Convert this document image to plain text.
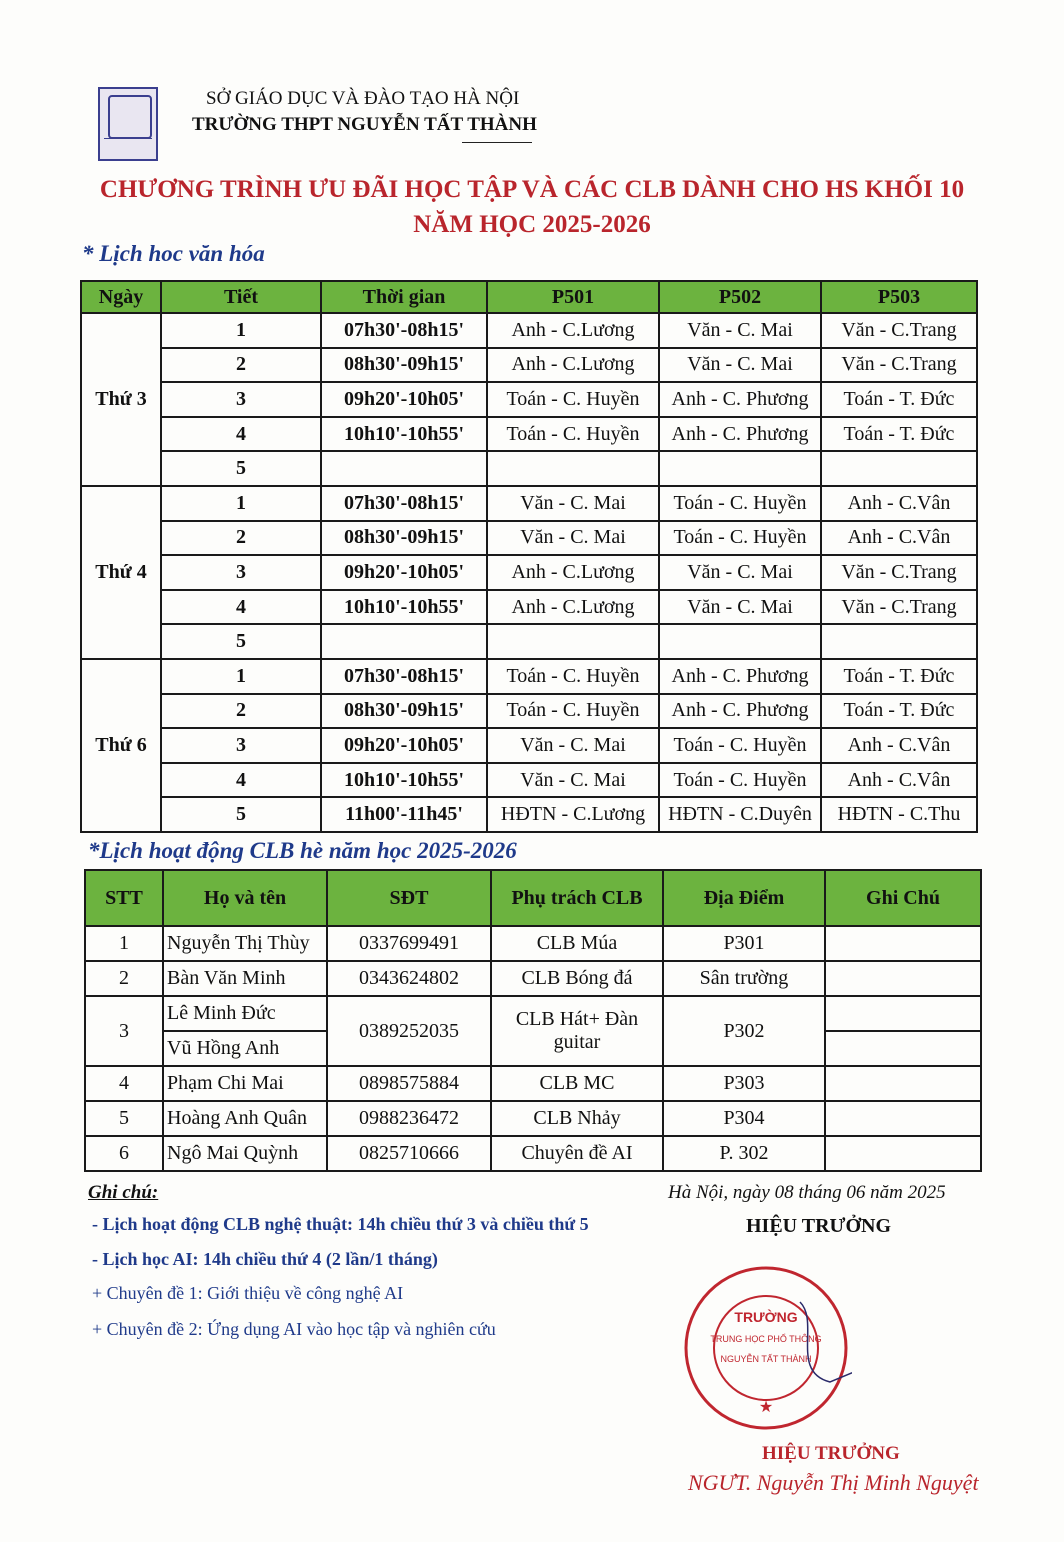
SỞ GIÁO DỤC VÀ ĐÀO TẠO HÀ NỘI
TRƯỜNG THPT NGUYỄN TẤT THÀNH
CHƯƠNG TRÌNH ƯU ĐÃI HỌC TẬP VÀ CÁC CLB DÀNH CHO HS KHỐI 10
NĂM HỌC 2025-2026
* Lịch hoc văn hóa
Ngày	Tiết	Thời gian	P501	P502	P503
Thứ 3	1	07h30'-08h15'	Anh - C.Lương	Văn - C. Mai	Văn - C.Trang
	2	08h30'-09h15'	Anh - C.Lương	Văn - C. Mai	Văn - C.Trang
	3	09h20'-10h05'	Toán - C. Huyền	Anh - C. Phương	Toán - T. Đức
	4	10h10'-10h55'	Toán - C. Huyền	Anh - C. Phương	Toán - T. Đức
	5				
Thứ 4	1	07h30'-08h15'	Văn - C. Mai	Toán - C. Huyền	Anh - C.Vân
	2	08h30'-09h15'	Văn - C. Mai	Toán - C. Huyền	Anh - C.Vân
	3	09h20'-10h05'	Anh - C.Lương	Văn - C. Mai	Văn - C.Trang
	4	10h10'-10h55'	Anh - C.Lương	Văn - C. Mai	Văn - C.Trang
	5				
Thứ 6	1	07h30'-08h15'	Toán - C. Huyền	Anh - C. Phương	Toán - T. Đức
	2	08h30'-09h15'	Toán - C. Huyền	Anh - C. Phương	Toán - T. Đức
	3	09h20'-10h05'	Văn - C. Mai	Toán - C. Huyền	Anh - C.Vân
	4	10h10'-10h55'	Văn - C. Mai	Toán - C. Huyền	Anh - C.Vân
	5	11h00'-11h45'	HĐTN - C.Lương	HĐTN - C.Duyên	HĐTN - C.Thu
*Lịch hoạt động CLB hè năm học 2025-2026
STT	Họ và tên	SĐT	Phụ trách CLB	Địa Điểm	Ghi Chú
1	Nguyễn Thị Thùy	0337699491	CLB Múa	P301	
2	Bàn Văn Minh	0343624802	CLB Bóng đá	Sân trường	
3	Lê Minh Đức	0389252035	CLB Hát+ Đàn guitar	P302	
	Vũ Hồng Anh				
4	Phạm Chi Mai	0898575884	CLB MC	P303	
5	Hoàng Anh Quân	0988236472	CLB Nhảy	P304	
6	Ngô Mai Quỳnh	0825710666	Chuyên đề AI	P. 302	
Ghi chú:
- Lịch hoạt động CLB nghệ thuật: 14h chiều thứ 3 và chiều thứ 5
- Lịch học AI: 14h chiều thứ 4 (2 lần/1 tháng)
+ Chuyên đề 1: Giới thiệu về công nghệ AI
+ Chuyên đề 2: Ứng dụng AI vào học tập và nghiên cứu
Hà Nội, ngày 08 tháng 06 năm 2025
HIỆU TRƯỞNG
TRƯỜNG
TRUNG HỌC PHỔ THÔNG
NGUYỄN TẤT THÀNH
★
HIỆU TRƯỞNG
NGƯT. Nguyễn Thị Minh Nguyệt
